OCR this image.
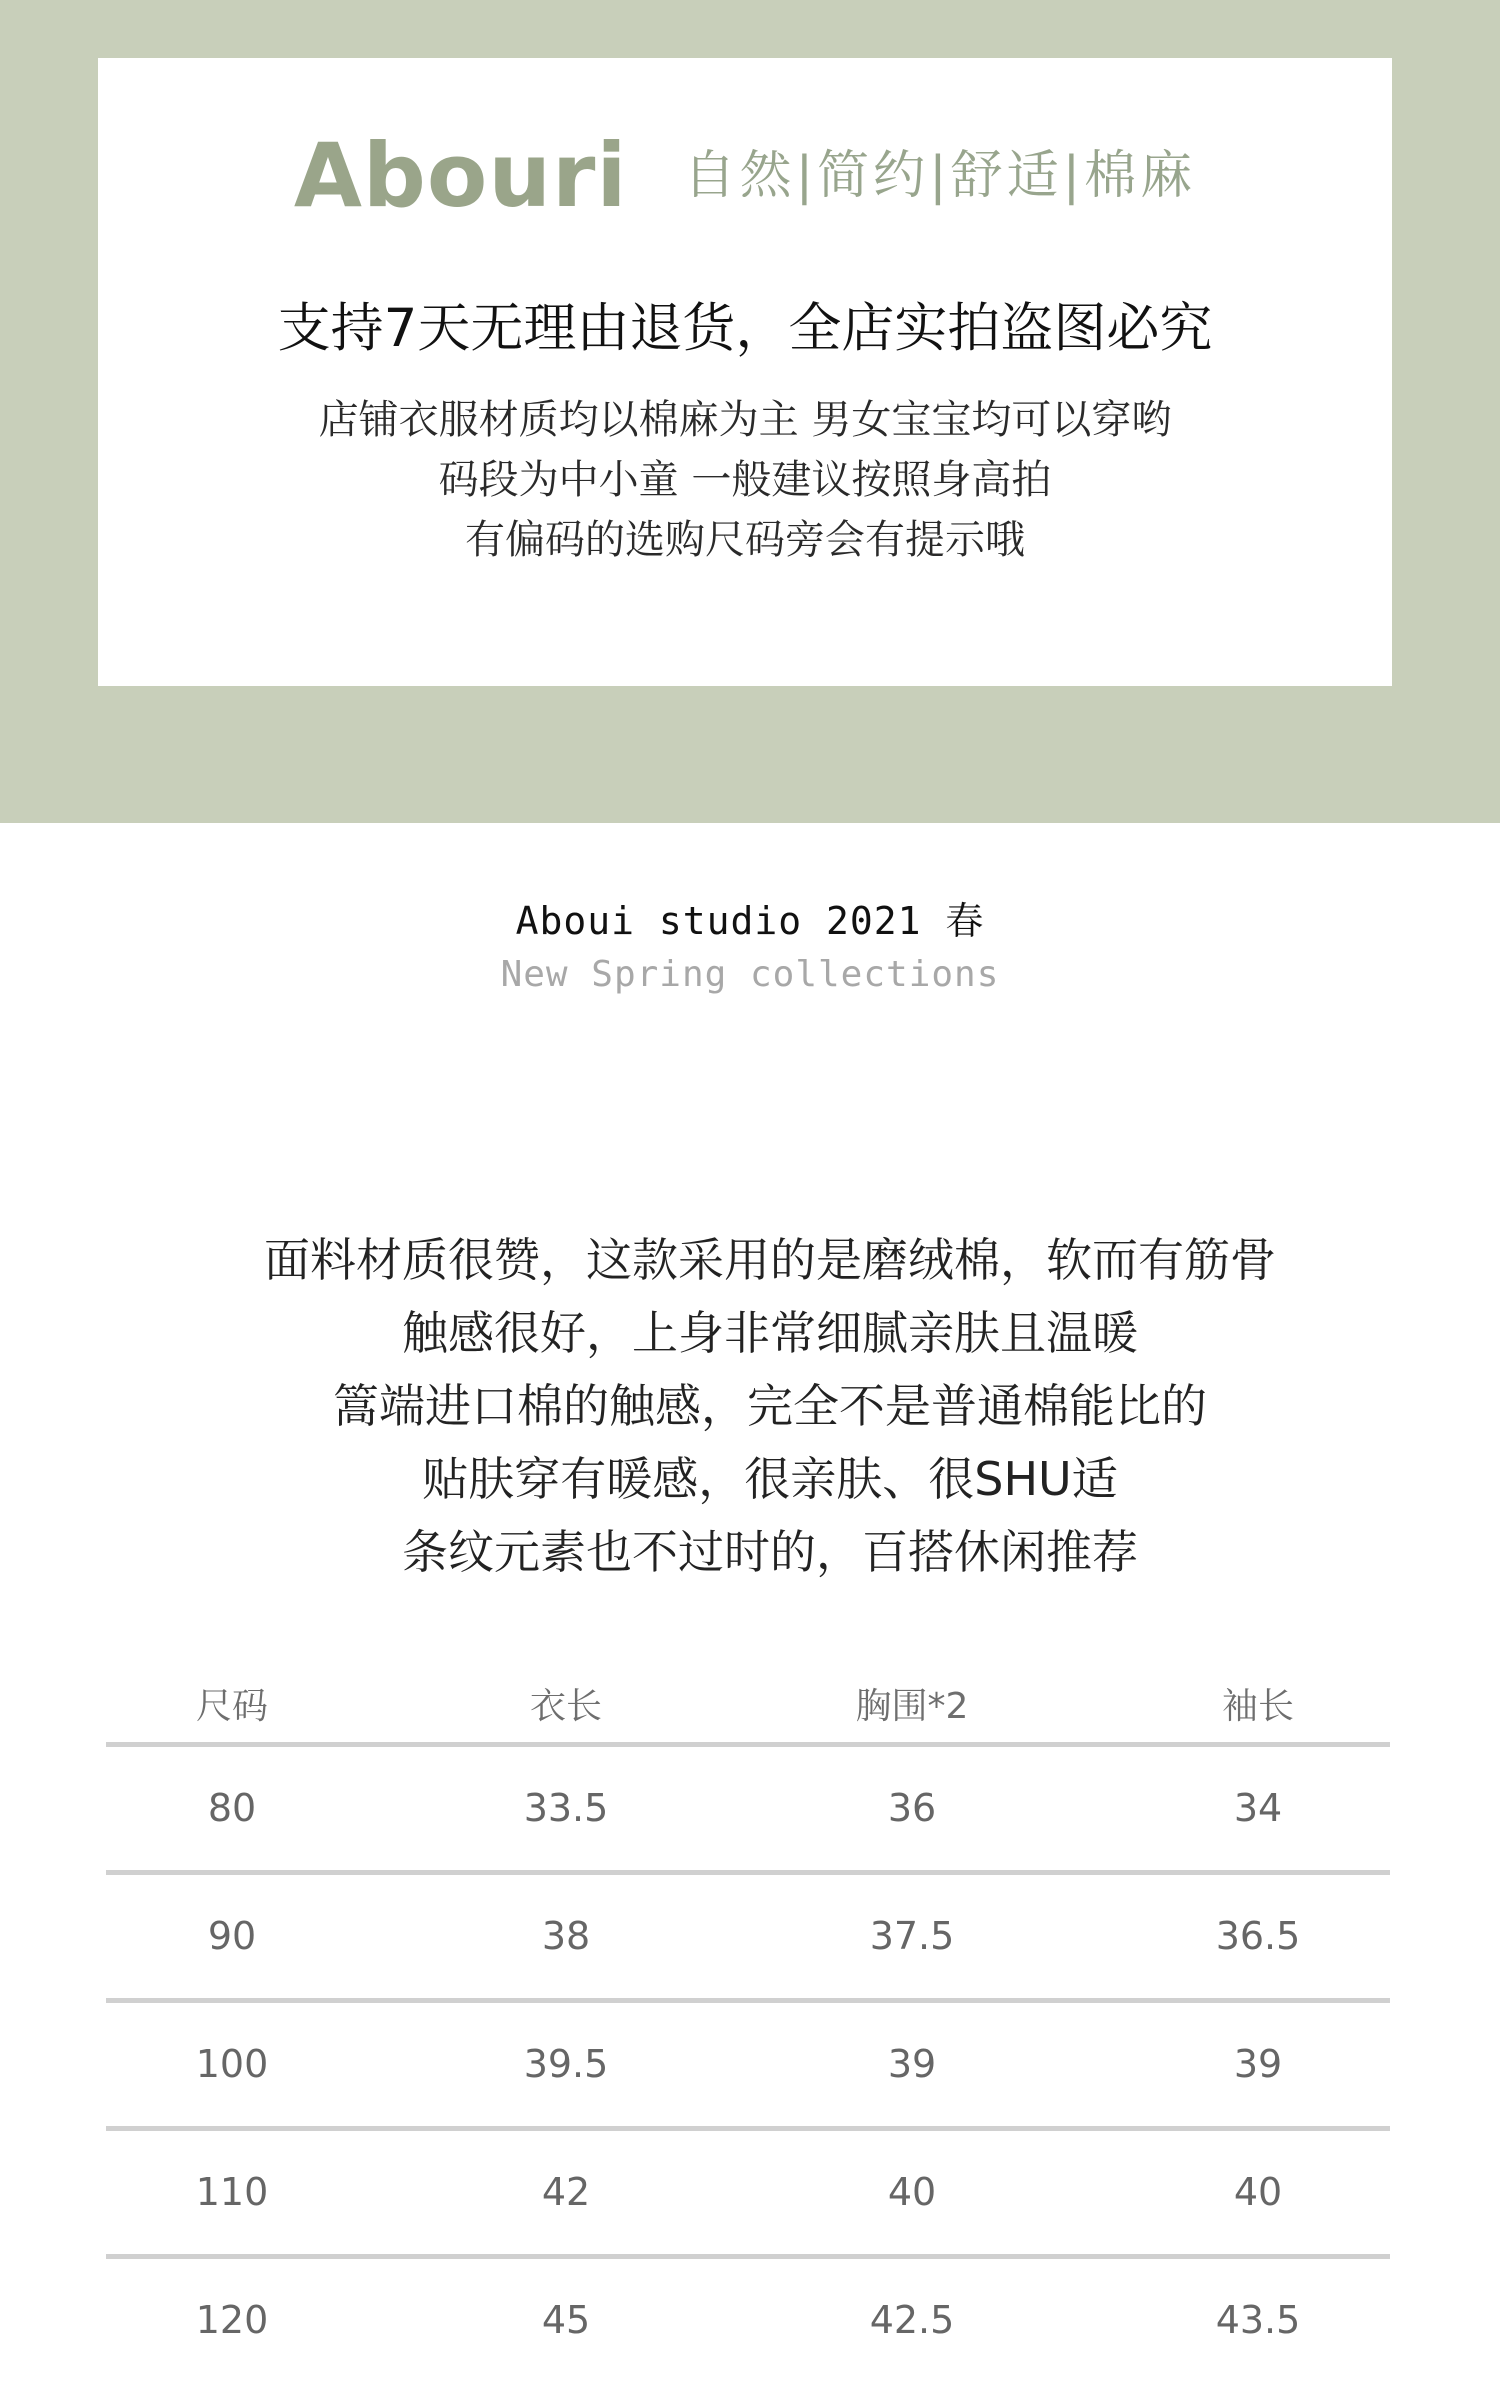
Abouri 自然|简约|舒适|棉麻
支持7天无理由退货，全店实拍盗图必究
店铺衣服材质均以棉麻为主 男女宝宝均可以穿哟
码段为中小童 一般建议按照身高拍
有偏码的选购尺码旁会有提示哦
Aboui studio 2021 春
New Spring collections
面料材质很赞，这款采用的是磨绒棉，软而有筋骨
触感很好，上身非常细腻亲肤且温暖
篙端进口棉的触感，完全不是普通棉能比的
贴肤穿有暖感，很亲肤、很SHU适
条纹元素也不过时的，百搭休闲推荐
尺码	衣长	胸围*2	袖长
80	33.5	36	34
90	38	37.5	36.5
100	39.5	39	39
110	42	40	40
120	45	42.5	43.5
